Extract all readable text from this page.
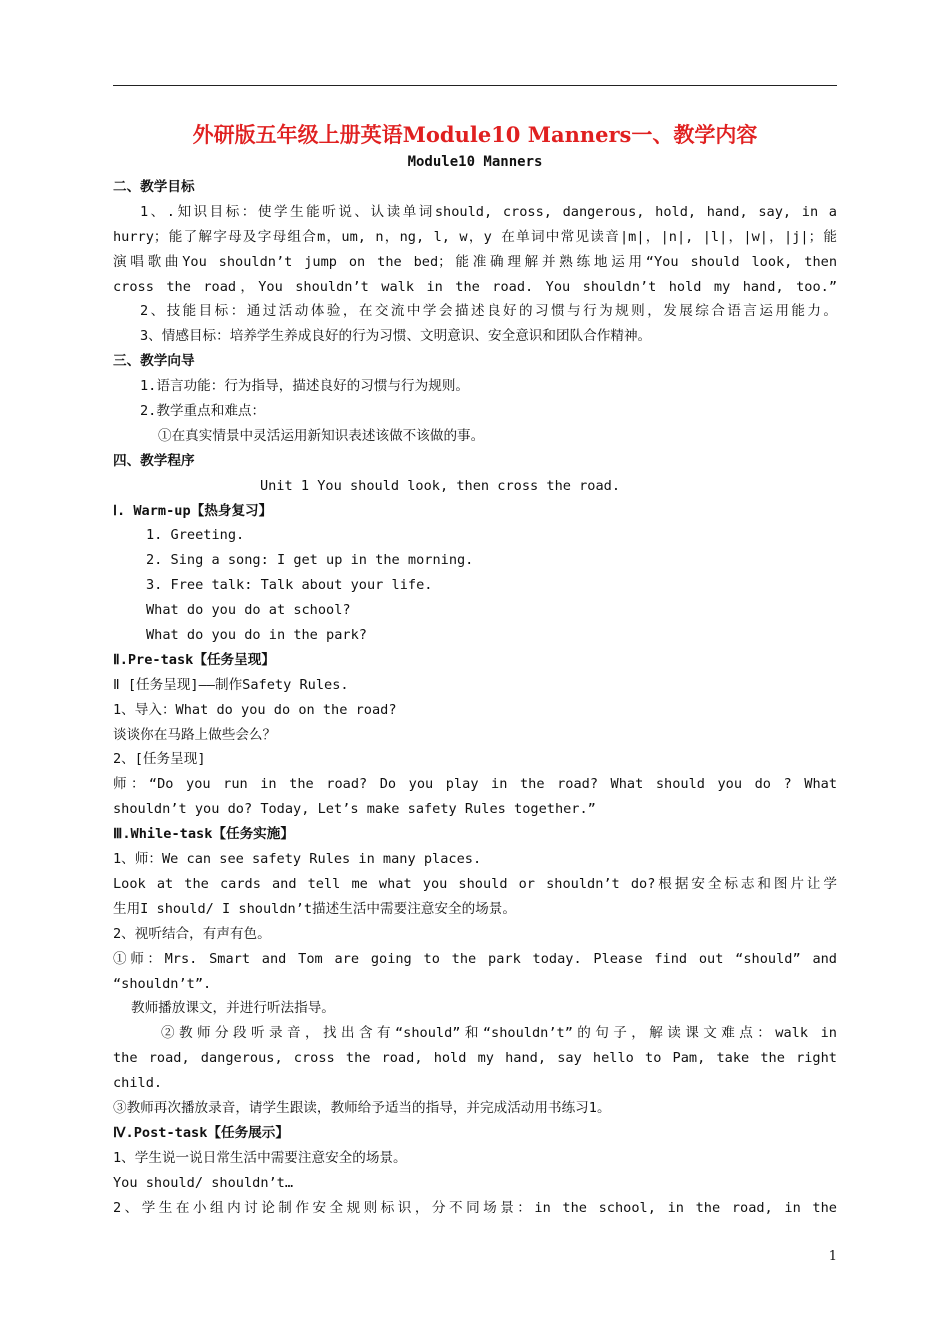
外研版五年级上册英语Module10 Manners一、教学内容
Module10 Manners
二、教学目标
1、.知识目标：使学生能听说、认读单词should, cross, dangerous, hold, hand, say, in a
hurry；能了解字母及字母组合m，um, n，ng, l, w，y 在单词中常见读音|m|，|n|, |l|，|w|，|j|；能
演唱歌曲You shouldn’t jump on the bed；能准确理解并熟练地运用“You should look, then
cross the road，You shouldn’t walk in the road. You shouldn’t hold my hand, too.”
2、技能目标：通过活动体验，在交流中学会描述良好的习惯与行为规则，发展综合语言运用能力。
3、情感目标：培养学生养成良好的行为习惯、文明意识、安全意识和团队合作精神。
三、教学向导
1.语言功能：行为指导，描述良好的习惯与行为规则。
2.教学重点和难点：
①在真实情景中灵活运用新知识表述该做不该做的事。
四、教学程序
Unit 1 You should look, then cross the road.
Ⅰ. Warm-up【热身复习】
1. Greeting.
2. Sing a song: I get up in the morning.
3. Free talk: Talk about your life.
What do you do at school?
What do you do in the park?
Ⅱ.Pre-task【任务呈现】
Ⅱ [任务呈现]——制作Safety Rules.
1、导入：What do you do on the road?
谈谈你在马路上做些会么？
2、[任务呈现]
师：“Do you run in the road? Do you play in the road? What should you do ? What
shouldn’t you do? Today, Let’s make safety Rules together.”
Ⅲ.While-task【任务实施】
1、师：We can see safety Rules in many places.
Look at the cards and tell me what you should or shouldn’t do?根据安全标志和图片让学
生用I should/ I shouldn’t描述生活中需要注意安全的场景。
2、视听结合，有声有色。
①师：Mrs. Smart and Tom are going to the park today. Please find out “should” and
“shouldn’t”.
教师播放课文，并进行听法指导。
②教师分段听录音，找出含有“should”和“shouldn’t”的句子，解读课文难点：walk in
the road, dangerous, cross the road, hold my hand, say hello to Pam, take the right
child.
③教师再次播放录音，请学生跟读，教师给予适当的指导，并完成活动用书练习1。
Ⅳ.Post-task【任务展示】
1、学生说一说日常生活中需要注意安全的场景。
You should/ shouldn’t…
2、学生在小组内讨论制作安全规则标识，分不同场景：in the school, in the road, in the
1
